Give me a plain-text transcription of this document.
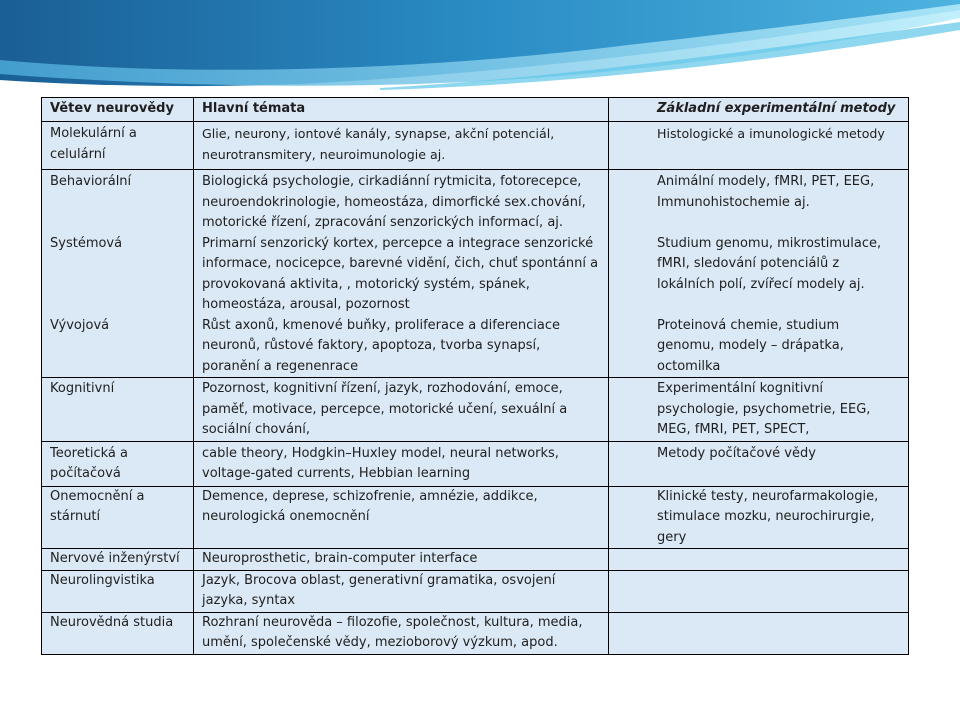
Větev neurovědy	Hlavní témata	Základní experimentální metody
Molekulární a celulární	Glie, neurony, iontové kanály, synapse, akční potenciál, neurotransmitery, neuroimunologie aj.	Histologické a imunologické metody
Behaviorální	Biologická psychologie, cirkadiánní rytmicita, fotorecepce, neuroendokrinologie, homeostáza, dimorfické sex.chování, motorické řízení, zpracování senzorických informací, aj.	Animální modely, fMRI, PET, EEG, Immunohistochemie aj.
Systémová	Primarní senzorický kortex, percepce a integrace senzorické informace, nocicepce, barevné vidění, čich, chuť spontánní a provokovaná aktivita, , motorický systém, spánek, homeostáza, arousal, pozornost	Studium genomu, mikrostimulace, fMRI, sledování potenciálů z lokálních polí, zvířecí modely aj.
Vývojová	Růst axonů, kmenové buňky, proliferace a diferenciace neuronů, růstové faktory, apoptoza, tvorba synapsí, poranění a regenenrace	Proteinová chemie, studium genomu, modely – drápatka, octomilka
Kognitivní	Pozornost, kognitivní řízení, jazyk, rozhodování, emoce, paměť, motivace, percepce, motorické učení, sexuální a sociální chování,	Experimentální kognitivní psychologie, psychometrie, EEG, MEG, fMRI, PET, SPECT,
Teoretická a počítačová	cable theory, Hodgkin–Huxley model, neural networks, voltage-gated currents, Hebbian learning	Metody počítačové vědy
Onemocnění a stárnutí	Demence, deprese, schizofrenie, amnézie, addikce, neurologická onemocnění	Klinické testy, neurofarmakologie, stimulace mozku, neurochirurgie, gery
Nervové inženýrství	Neuroprosthetic, brain-computer interface	
Neurolingvistika	Jazyk, Brocova oblast, generativní gramatika, osvojení jazyka, syntax	
Neurovědná studia	Rozhraní neurověda – filozofie, společnost, kultura, media, umění, společenské vědy, mezioborový výzkum, apod.	
